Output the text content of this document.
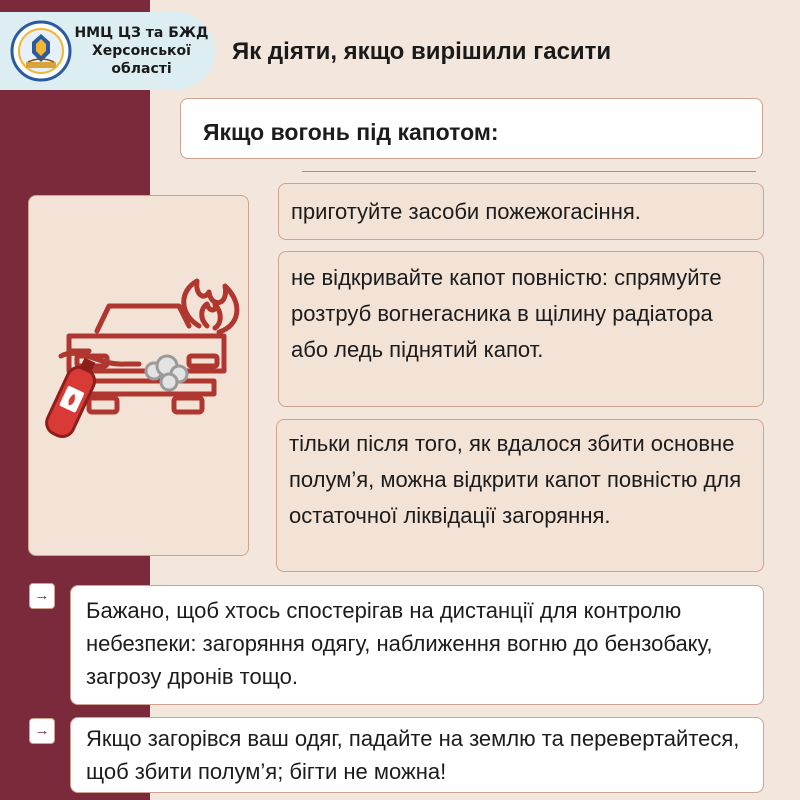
НМЦ ЦЗ та БЖД
Херсонської
області
Як діяти, якщо вирішили гасити
Якщо вогонь під капотом:
приготуйте засоби пожежогасіння.
не відкривайте капот повністю: спрямуйте розтруб вогнегасника в щілину радіатора або ледь піднятий капот.
тільки після того, як вдалося збити основне полум’я, можна відкрити капот повністю для остаточної ліквідації загоряння.
→
Бажано, щоб хтось спостерігав на дистанції для контролю небезпеки: загоряння одягу, наближення вогню до бензобаку, загрозу дронів тощо.
→	Якщо загорівся ваш одяг, падайте на землю та перевертайтеся, щоб збити полум’я; бігти не можна!
